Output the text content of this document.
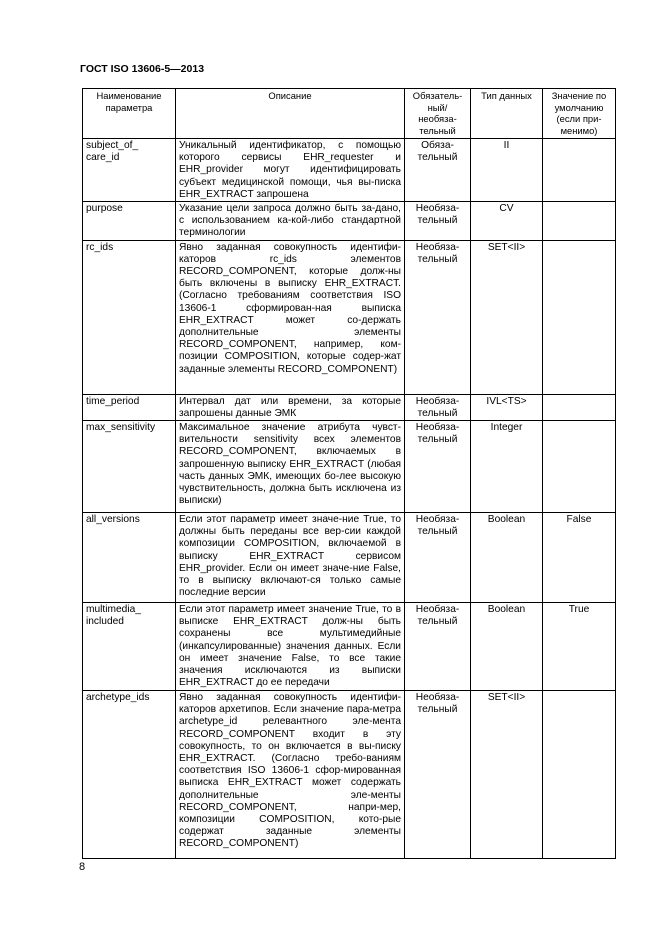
ГОСТ ISO 13606-5—2013
Наименование
параметра	Описание	Обязатель-
ный/
необяза-
тельный	Тип данных	Значение по
умолчанию
(если при-
менимо)

subject_of_
care_id	Уникальный идентификатор, с помощью которого сервисы EHR_requester и EHR_provider могут идентифицировать субъект медицинской помощи, чья вы-писка EHR_EXTRACT запрошена	Обяза-
тельный	II	

purpose	Указание цели запроса должно быть за-дано, с использованием ка-кой-либо стандартной терминологии	Необяза-
тельный	CV	

rc_ids	Явно заданная совокупность идентифи-каторов rc_ids элементов RECORD_COMPONENT, которые долж-ны быть включены в выписку EHR_EXTRACT. (Согласно требованиям соответствия ISO 13606-1 сформирован-ная выписка EHR_EXTRACT может со-держать дополнительные элементы RECORD_COMPONENT, например, ком-позиции COMPOSITION, которые содер-жат заданные элементы RECORD_COMPONENT)	Необяза-
тельный	SET<II>	

time_period	Интервал дат или времени, за которые запрошены данные ЭМК	Необяза-
тельный	IVL<TS>	

max_sensitivity	Максимальное значение атрибута чувст-вительности sensitivity всех элементов RECORD_COMPONENT, включаемых в запрошенную выписку EHR_EXTRACT (любая часть данных ЭМК, имеющих бо-лее высокую чувствительность, должна быть исключена из выписки)	Необяза-
тельный	Integer	

all_versions	Если этот параметр имеет значе-ние True, то должны быть переданы все вер-сии каждой композиции COMPOSITION, включаемой в выписку EHR_EXTRACT сервисом EHR_provider. Если он имеет значе-ние False, то в выписку включают-ся только самые последние версии	Необяза-
тельный	Boolean	False

multimedia_
included	Если этот параметр имеет значение True, то в выписке EHR_EXTRACT долж-ны быть сохранены все мультимедийные (инкапсулированные) значения данных. Если он имеет значение False, то все такие значения исключаются из выписки EHR_EXTRACT до ее передачи	Необяза-
тельный	Boolean	True

archetype_ids	Явно заданная совокупность идентифи-каторов архетипов. Если значение пара-метра archetype_id релевантного эле-мента RECORD_COMPONENT входит в эту совокупность, то он включается в вы-писку EHR_EXTRACT. (Согласно требо-ваниям соответствия ISO 13606-1 сфор-мированная выписка EHR_EXTRACT может содержать дополнительные эле-менты RECORD_COMPONENT, напри-мер, композиции COMPOSITION, кото-рые содержат заданные элементы RECORD_COMPONENT)	Необяза-
тельный	SET<II>	
8
